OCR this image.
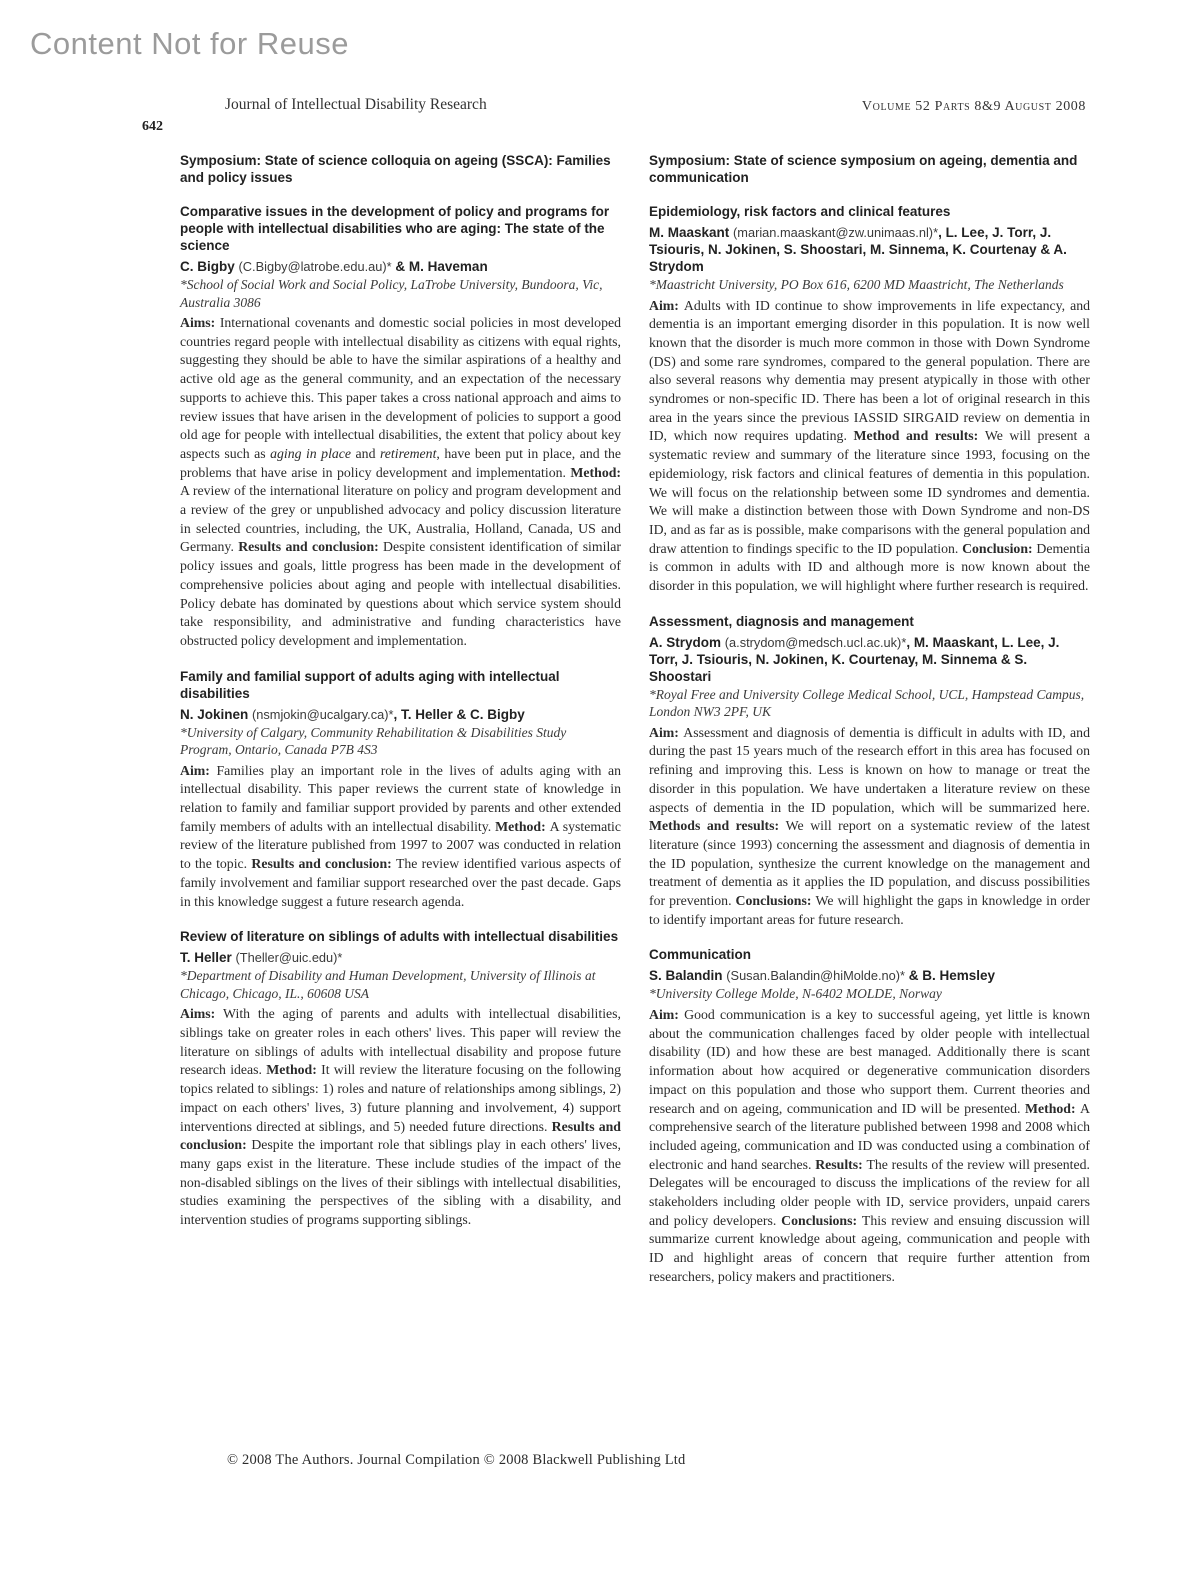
Content Not for Reuse
Journal of Intellectual Disability Research	Volume 52 Parts 8&9 August 2008
642
Symposium: State of science colloquia on ageing (SSCA): Families and policy issues
Comparative issues in the development of policy and programs for people with intellectual disabilities who are aging: The state of the science

C. Bigby (C.Bigby@latrobe.edu.au)* & M. Haveman

*School of Social Work and Social Policy, LaTrobe University, Bundoora, Vic, Australia 3086

Aims: International covenants and domestic social policies in most developed countries regard people with intellectual disability as citizens with equal rights, suggesting they should be able to have the similar aspirations of a healthy and active old age as the general community, and an expectation of the necessary supports to achieve this. This paper takes a cross national approach and aims to review issues that have arisen in the development of policies to support a good old age for people with intellectual disabilities, the extent that policy about key aspects such as aging in place and retirement, have been put in place, and the problems that have arise in policy development and implementation. Method: A review of the international literature on policy and program development and a review of the grey or unpublished advocacy and policy discussion literature in selected countries, including, the UK, Australia, Holland, Canada, US and Germany. Results and conclusion: Despite consistent identification of similar policy issues and goals, little progress has been made in the development of comprehensive policies about aging and people with intellectual disabilities. Policy debate has dominated by questions about which service system should take responsibility, and administrative and funding characteristics have obstructed policy development and implementation.

Family and familial support of adults aging with intellectual disabilities

N. Jokinen (nsmjokin@ucalgary.ca)*, T. Heller & C. Bigby

*University of Calgary, Community Rehabilitation & Disabilities Study Program, Ontario, Canada P7B 4S3

Aim: Families play an important role in the lives of adults aging with an intellectual disability. This paper reviews the current state of knowledge in relation to family and familiar support provided by parents and other extended family members of adults with an intellectual disability. Method: A systematic review of the literature published from 1997 to 2007 was conducted in relation to the topic. Results and conclusion: The review identified various aspects of family involvement and familiar support researched over the past decade. Gaps in this knowledge suggest a future research agenda.

Review of literature on siblings of adults with intellectual disabilities

T. Heller (Theller@uic.edu)*

*Department of Disability and Human Development, University of Illinois at Chicago, Chicago, IL., 60608 USA

Aims: With the aging of parents and adults with intellectual disabilities, siblings take on greater roles in each others' lives. This paper will review the literature on siblings of adults with intellectual disability and propose future research ideas. Method: It will review the literature focusing on the following topics related to siblings: 1) roles and nature of relationships among siblings, 2) impact on each others' lives, 3) future planning and involvement, 4) support interventions directed at siblings, and 5) needed future directions. Results and conclusion: Despite the important role that siblings play in each others' lives, many gaps exist in the literature. These include studies of the impact of the non-disabled siblings on the lives of their siblings with intellectual disabilities, studies examining the perspectives of the sibling with a disability, and intervention studies of programs supporting siblings.

Symposium: State of science symposium on ageing, dementia and communication
Epidemiology, risk factors and clinical features

M. Maaskant (marian.maaskant@zw.unimaas.nl)*, L. Lee, J. Torr, J. Tsiouris, N. Jokinen, S. Shoostari, M. Sinnema, K. Courtenay & A. Strydom

*Maastricht University, PO Box 616, 6200 MD Maastricht, The Netherlands

Aim: Adults with ID continue to show improvements in life expectancy, and dementia is an important emerging disorder in this population. It is now well known that the disorder is much more common in those with Down Syndrome (DS) and some rare syndromes, compared to the general population. There are also several reasons why dementia may present atypically in those with other syndromes or non-specific ID. There has been a lot of original research in this area in the years since the previous IASSID SIRGAID review on dementia in ID, which now requires updating. Method and results: We will present a systematic review and summary of the literature since 1993, focusing on the epidemiology, risk factors and clinical features of dementia in this population. We will focus on the relationship between some ID syndromes and dementia. We will make a distinction between those with Down Syndrome and non-DS ID, and as far as is possible, make comparisons with the general population and draw attention to findings specific to the ID population. Conclusion: Dementia is common in adults with ID and although more is now known about the disorder in this population, we will highlight where further research is required.

Assessment, diagnosis and management

A. Strydom (a.strydom@medsch.ucl.ac.uk)*, M. Maaskant, L. Lee, J. Torr, J. Tsiouris, N. Jokinen, K. Courtenay, M. Sinnema & S. Shoostari

*Royal Free and University College Medical School, UCL, Hampstead Campus, London NW3 2PF, UK

Aim: Assessment and diagnosis of dementia is difficult in adults with ID, and during the past 15 years much of the research effort in this area has focused on refining and improving this. Less is known on how to manage or treat the disorder in this population. We have undertaken a literature review on these aspects of dementia in the ID population, which will be summarized here. Methods and results: We will report on a systematic review of the latest literature (since 1993) concerning the assessment and diagnosis of dementia in the ID population, synthesize the current knowledge on the management and treatment of dementia as it applies the ID population, and discuss possibilities for prevention. Conclusions: We will highlight the gaps in knowledge in order to identify important areas for future research.

Communication

S. Balandin (Susan.Balandin@hiMolde.no)* & B. Hemsley

*University College Molde, N-6402 MOLDE, Norway

Aim: Good communication is a key to successful ageing, yet little is known about the communication challenges faced by older people with intellectual disability (ID) and how these are best managed. Additionally there is scant information about how acquired or degenerative communication disorders impact on this population and those who support them. Current theories and research and on ageing, communication and ID will be presented. Method: A comprehensive search of the literature published between 1998 and 2008 which included ageing, communication and ID was conducted using a combination of electronic and hand searches. Results: The results of the review will presented. Delegates will be encouraged to discuss the implications of the review for all stakeholders including older people with ID, service providers, unpaid carers and policy developers. Conclusions: This review and ensuing discussion will summarize current knowledge about ageing, communication and people with ID and highlight areas of concern that require further attention from researchers, policy makers and practitioners.

© 2008 The Authors. Journal Compilation © 2008 Blackwell Publishing Ltd
